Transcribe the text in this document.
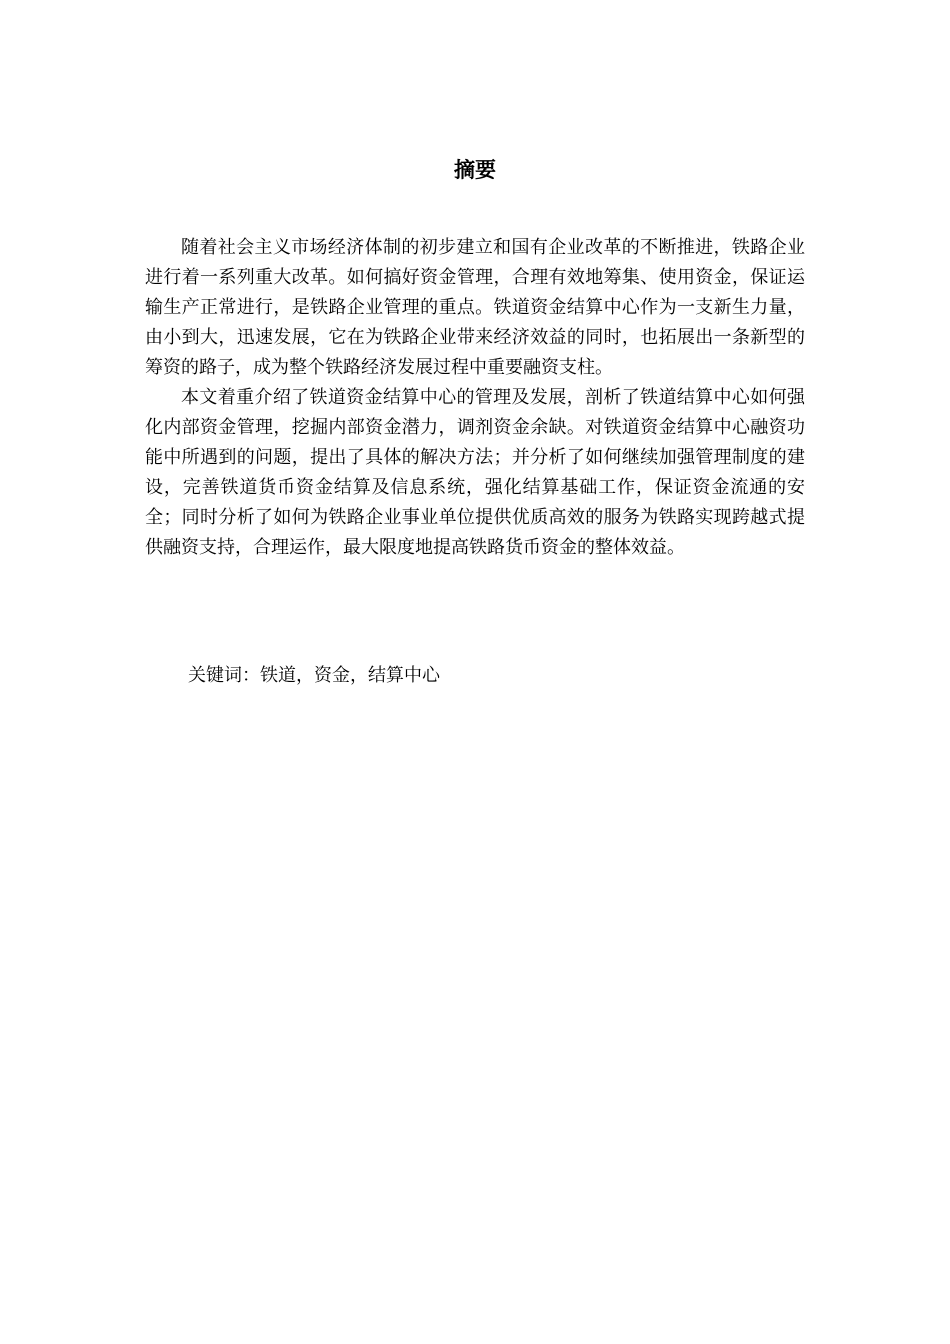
摘要

随着社会主义市场经济体制的初步建立和国有企业改革的不断推进，铁路企业进行着一系列重大改革。如何搞好资金管理，合理有效地筹集、使用资金，保证运输生产正常进行，是铁路企业管理的重点。铁道资金结算中心作为一支新生力量，由小到大，迅速发展，它在为铁路企业带来经济效益的同时，也拓展出一条新型的筹资的路子，成为整个铁路经济发展过程中重要融资支柱。

本文着重介绍了铁道资金结算中心的管理及发展，剖析了铁道结算中心如何强化内部资金管理，挖掘内部资金潜力，调剂资金余缺。对铁道资金结算中心融资功能中所遇到的问题，提出了具体的解决方法；并分析了如何继续加强管理制度的建设，完善铁道货币资金结算及信息系统，强化结算基础工作，保证资金流通的安全；同时分析了如何为铁路企业事业单位提供优质高效的服务为铁路实现跨越式提供融资支持，合理运作，最大限度地提高铁路货币资金的整体效益。

关键词：铁道，资金，结算中心
